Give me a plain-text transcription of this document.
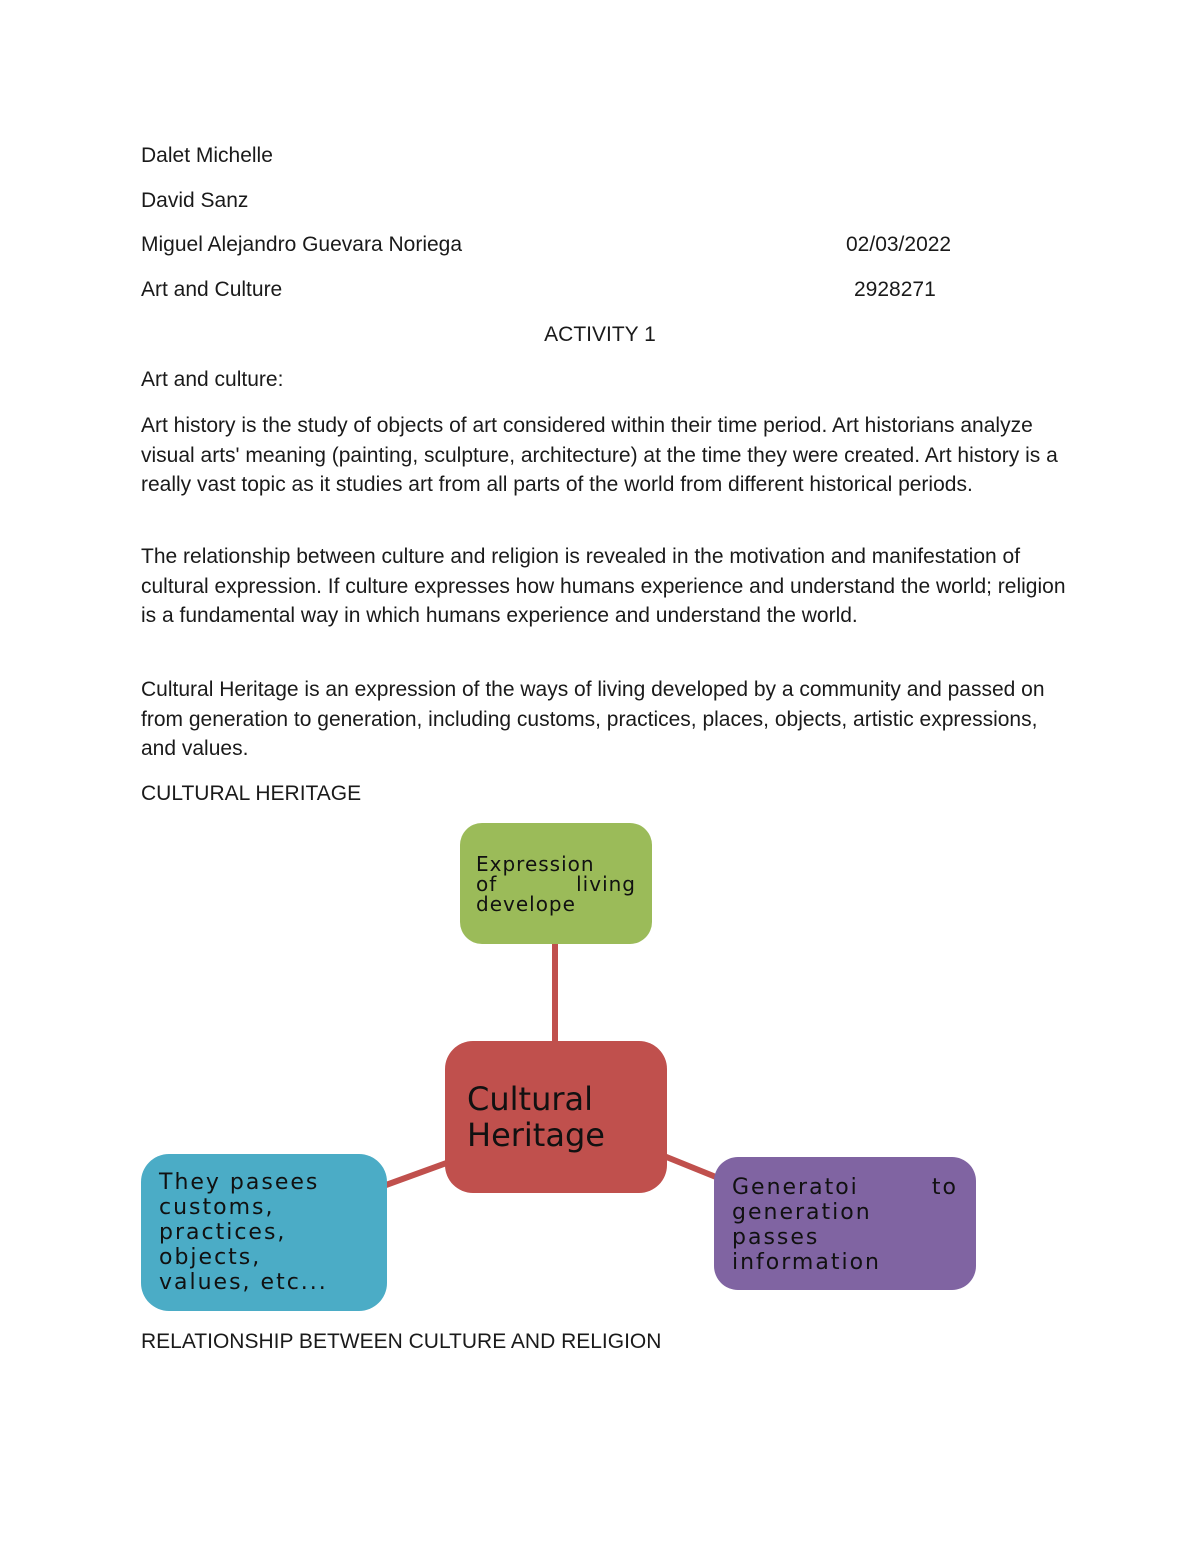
Dalet Michelle
David Sanz
Miguel Alejandro Guevara Noriega	02/03/2022
Art and Culture	2928271
ACTIVITY 1
Art and culture:
Art history is the study of objects of art considered within their time period. Art historians analyze visual arts' meaning (painting, sculpture, architecture) at the time they were created. Art history is a really vast topic as it studies art from all parts of the world from different historical periods.
The relationship between culture and religion is revealed in the motivation and manifestation of cultural expression. If culture expresses how humans experience and understand the world; religion is a fundamental way in which humans experience and understand the world.
Cultural Heritage is an expression of the ways of living developed by a community and passed on from generation to generation, including customs, practices, places, objects, artistic expressions, and values.
CULTURAL HERITAGE
Expression
of living
develope
Cultural
Heritage
They pasees
customs,
practices,
objects,
values, etc...
Generatoi to
generation
passes
information
RELATIONSHIP BETWEEN CULTURE AND RELIGION
